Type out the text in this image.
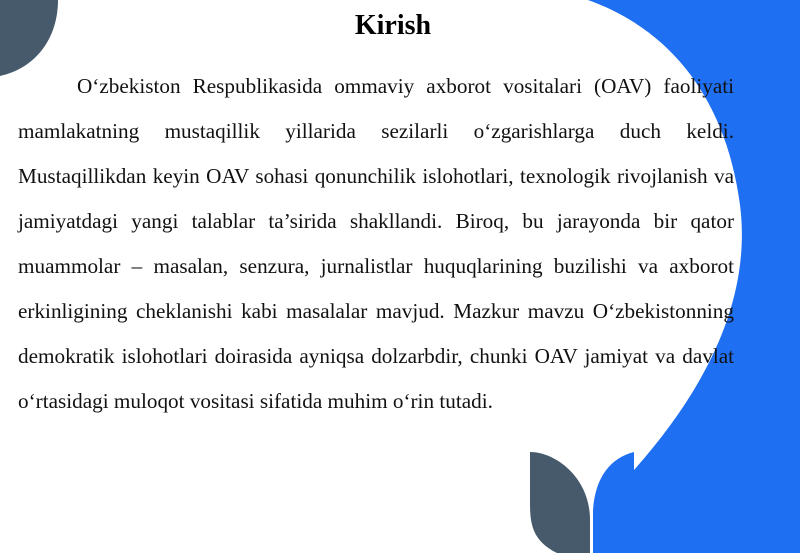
Kirish

O‘zbekiston Respublikasida ommaviy axborot vositalari (OAV) faoliyati mamlakatning mustaqillik yillarida sezilarli o‘zgarishlarga duch keldi. Mustaqillikdan keyin OAV sohasi qonunchilik islohotlari, texnologik rivojlanish va jamiyatdagi yangi talablar ta’sirida shakllandi. Biroq, bu jarayonda bir qator muammolar – masalan, senzura, jurnalistlar huquqlarining buzilishi va axborot erkinligining cheklanishi kabi masalalar mavjud. Mazkur mavzu O‘zbekistonning demokratik islohotlari doirasida ayniqsa dolzarbdir, chunki OAV jamiyat va davlat o‘rtasidagi muloqot vositasi sifatida muhim o‘rin tutadi.
